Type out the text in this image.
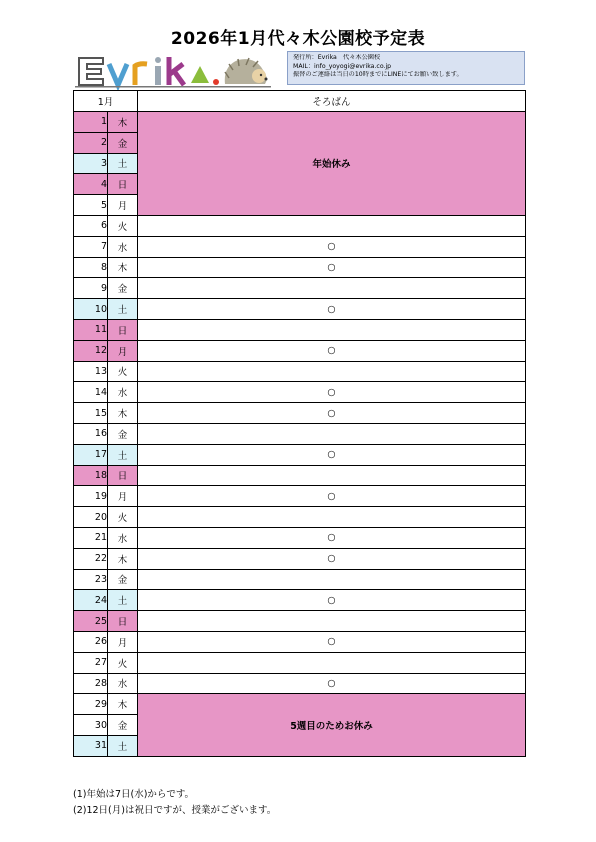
2026年1月代々木公園校予定表
発行所：Evrika　代々木公園校
MAIL：info_yoyogi@evrika.co.jp
振替のご連絡は当日の10時までにLINEにてお願い致します。
1月		そろばん
1	木	年始休み
2	金	
3	土	
4	日	
5	月	
6	火	
7	水	○
8	木	○
9	金	
10	土	○
11	日	
12	月	○
13	火	
14	水	○
15	木	○
16	金	
17	土	○
18	日	
19	月	○
20	火	
21	水	○
22	木	○
23	金	
24	土	○
25	日	
26	月	○
27	火	
28	水	○
29	木	5週目のためお休み
30	金	
31	土	
(1)年始は7日(水)からです。
(2)12日(月)は祝日ですが、授業がございます。
